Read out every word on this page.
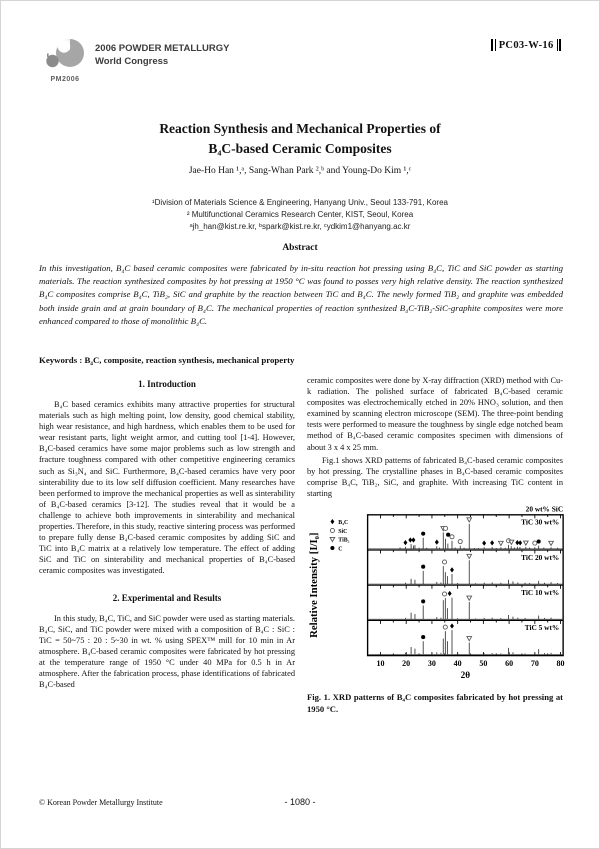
PM2006
2006 POWDER METALLURGY
World Congress
PC03-W-16
Reaction Synthesis and Mechanical Properties of
B₄C-based Ceramic Composites
Jae-Ho Han ¹,ᵃ, Sang-Whan Park ²,ᵇ and Young-Do Kim ¹,ᶜ
¹Division of Materials Science & Engineering, Hanyang Univ., Seoul 133-791, Korea
² Multifunctional Ceramics Research Center, KIST, Seoul, Korea
ᵃjh_han@kist.re.kr, ᵇspark@kist.re.kr, ᶜydkim1@hanyang.ac.kr
Abstract
In this investigation, B₄C based ceramic composites were fabricated by in-situ reaction hot pressing using B₄C, TiC and SiC powder as starting materials. The reaction synthesized composites by hot pressing at 1950 °C was found to posses very high relative density. The reaction synthesized B₄C composites comprise B₄C, TiB₂, SiC and graphite by the reaction between TiC and B₄C. The newly formed TiB₂ and graphite was embedded both inside grain and at grain boundary of B₄C. The mechanical properties of reaction synthesized B₄C-TiB₂-SiC-graphite composites were more enhanced compared to those of monolithic B₄C.
Keywords : B₄C, composite, reaction synthesis, mechanical property
1. Introduction

B₄C based ceramics exhibits many attractive properties for structural materials such as high melting point, low density, good chemical stability, high wear resistance, and high hardness, which enables them to be used for wear resistant parts, light weight armor, and cutting tool [1-4]. However, B₄C-based ceramics have some major problems such as low strength and fracture toughness compared with other competitive engineering ceramics such as Si₃N₄ and SiC. Furthermore, B₄C-based ceramics have very poor sinterability due to its low self diffusion coefficient. Many researches have been performed to improve the mechanical properties as well as sinterability of B₄C-based ceramics [3-12]. The studies reveal that it would be a challenge to achieve both improvements in sinterability and mechanical properties. Therefore, in this study, reactive sintering process was performed to prepare fully dense B₄C-based ceramic composites by adding SiC and TiC into B₄C matrix at a relatively low temperature. The effect of adding SiC and TiC on sinterability and mechanical properties of B₄C-based ceramic composites was investigated.

2. Experimental and Results

In this study, B₄C, TiC, and SiC powder were used as starting materials. B₄C, SiC, and TiC powder were mixed with a composition of B₄C : SiC : TiC = 50~75 : 20 : 5~30 in wt. % using SPEX™ mill for 10 min in Ar atmosphere. B₄C-based ceramic composites were fabricated by hot pressing at the temperature range of 1950 °C under 40 MPa for 0.5 h in Ar atmosphere. After the fabrication process, phase identifications of fabricated B₄C-based

ceramic composites were done by X-ray diffraction (XRD) method with Cu-k radiation. The polished surface of fabricated B₄C-based ceramic composites was electrochemically etched in 20% HNO₃ solution, and then examined by scanning electron microscope (SEM). The three-point bending tests were performed to measure the toughness by single edge notched beam method of B₄C-based ceramic composites specimen with dimensions of about 3 x 4 x 25 mm.

Fig.1 shows XRD patterns of fabricated B₄C-based ceramic composites by hot pressing. The crystalline phases in B₄C-based ceramic composites comprise B₄C, TiB₂, SiC, and graphite. With increasing TiC content in starting

TiC 30 wt%
TiC 20 wt%
TiC 10 wt%
TiC 5 wt%
20 wt% SiC
10 20 30 40 50 60 70 80
2θ
Relative Intensity [I/I₀]
B₄C
SiC
TiB₂
C

Fig. 1. XRD patterns of B₄C composites fabricated by hot pressing at 1950 °C.

© Korean Powder Metallurgy Institute	- 1080 -
